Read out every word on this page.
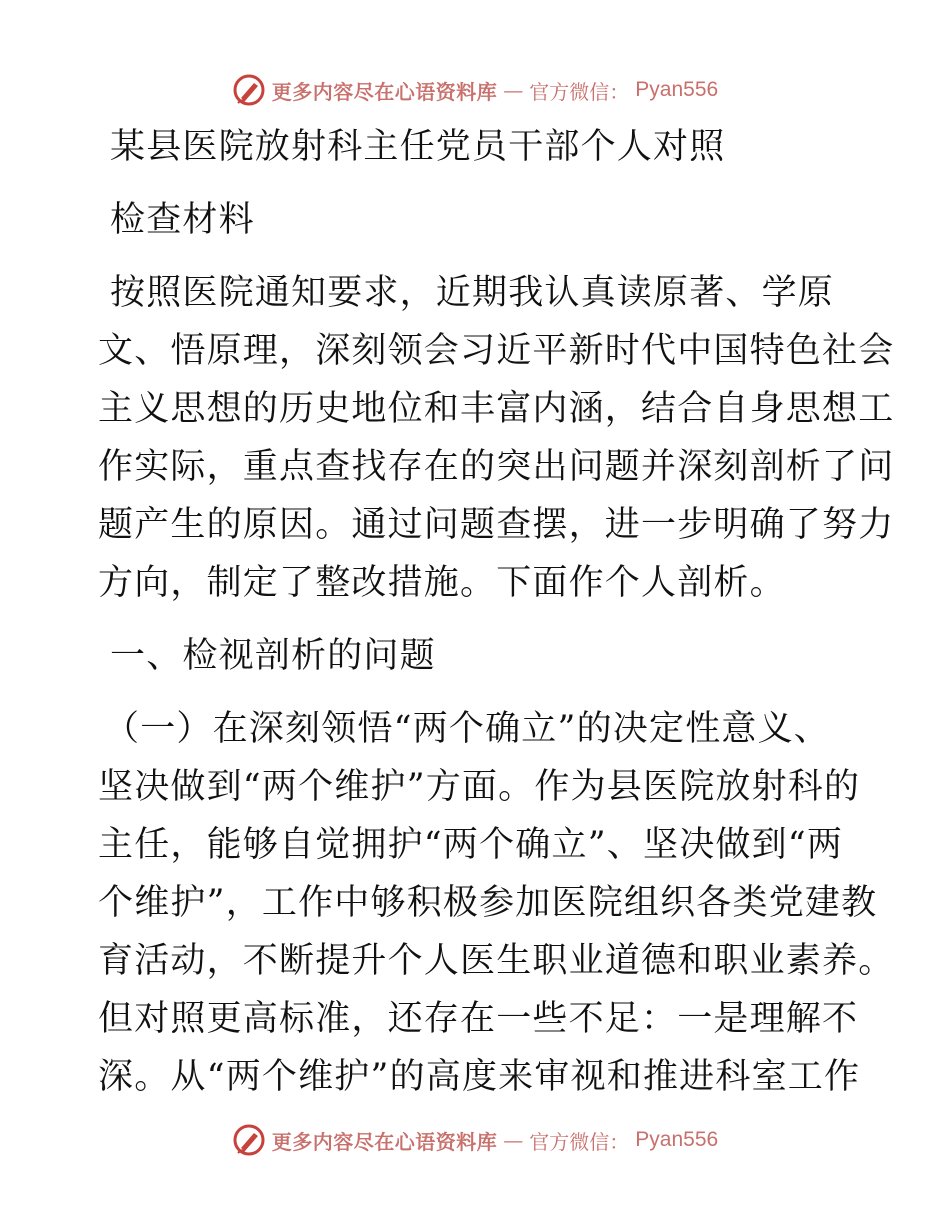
更多内容尽在心语资料库 — 官方微信： Pyan556
某县医院放射科主任党员干部个人对照
检查材料
按照医院通知要求，近期我认真读原著、学原
文、悟原理，深刻领会习近平新时代中国特色社会
主义思想的历史地位和丰富内涵，结合自身思想工
作实际，重点查找存在的突出问题并深刻剖析了问
题产生的原因。通过问题查摆，进一步明确了努力
方向，制定了整改措施。下面作个人剖析。
一、检视剖析的问题
（一）在深刻领悟“两个确立”的决定性意义、
坚决做到“两个维护”方面。作为县医院放射科的
主任，能够自觉拥护“两个确立”、坚决做到“两
个维护”，工作中够积极参加医院组织各类党建教
育活动，不断提升个人医生职业道德和职业素养。
但对照更高标准，还存在一些不足：一是理解不
深。从“两个维护”的高度来审视和推进科室工作
更多内容尽在心语资料库 — 官方微信： Pyan556
